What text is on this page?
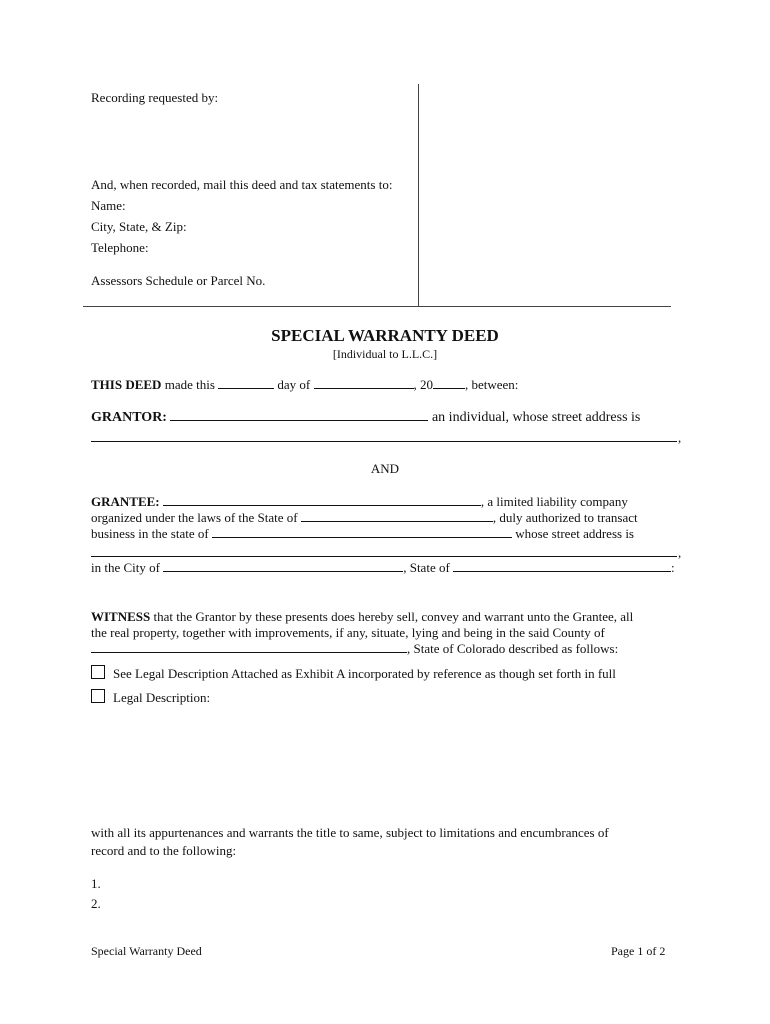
Recording requested by:
And, when recorded, mail this deed and tax statements to:
Name:
City, State, & Zip:
Telephone:
Assessors Schedule or Parcel No.
SPECIAL WARRANTY DEED
[Individual to L.L.C.]
THIS DEED made this	day of	, 20 , between:
GRANTOR:	an individual, whose street address is
,
AND
GRANTEE:	, a limited liability company
organized under the laws of the State of	, duly authorized to transact
business in the state of	whose street address is
,
in the City of	, State of	:
WITNESS that the Grantor by these presents does hereby sell, convey and warrant unto the Grantee, all
the real property, together with improvements, if any, situate, lying and being in the said County of
, State of Colorado described as follows:
See Legal Description Attached as Exhibit A incorporated by reference as though set forth in full
Legal Description:
with all its appurtenances and warrants the title to same, subject to limitations and encumbrances of
record and to the following:
1.
2.
Special Warranty Deed	Page 1 of 2
